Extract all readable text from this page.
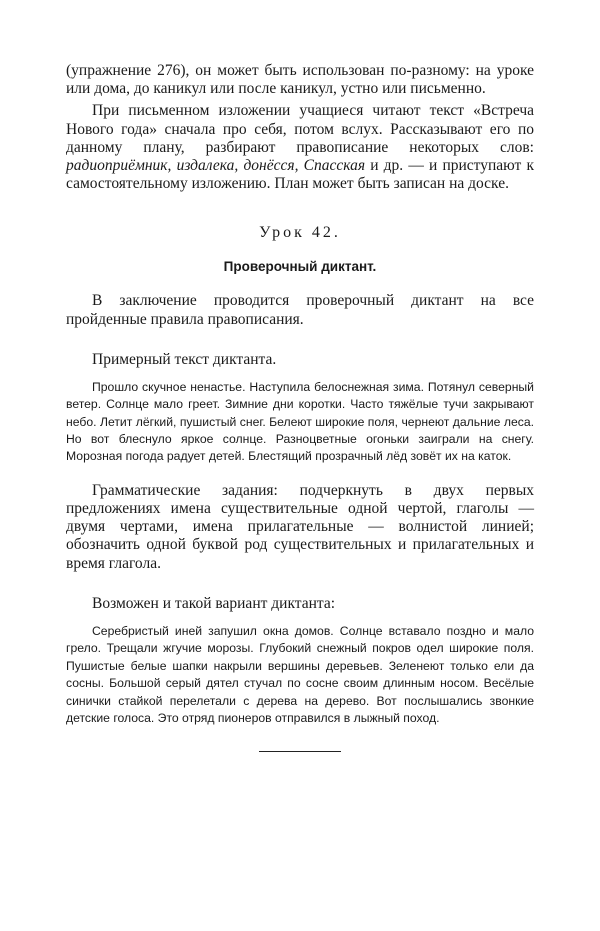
(упражнение 276), он может быть использован по-разному: на уроке или дома, до каникул или после каникул, устно или письменно.

При письменном изложении учащиеся читают текст «Встреча Нового года» сначала про себя, потом вслух. Рассказывают его по данному плану, разбирают правописание некоторых слов: радиоприёмник, издалека, донёсся, Спасская и др. — и приступают к самостоятельному изложению. План может быть записан на доске.

Урок 42.
Проверочный диктант.

В заключение проводится проверочный диктант на все пройденные правила правописания.

Примерный текст диктанта.

Прошло скучное ненастье. Наступила белоснежная зима. Потянул северный ветер. Солнце мало греет. Зимние дни коротки. Часто тяжёлые тучи закрывают небо. Летит лёгкий, пушистый снег. Белеют широкие поля, чернеют дальние леса. Но вот блеснуло яркое солнце. Разноцветные огоньки заиграли на снегу. Морозная погода радует детей. Блестящий прозрачный лёд зовёт их на каток.

Грамматические задания: подчеркнуть в двух первых предложениях имена существительные одной чертой, глаголы — двумя чертами, имена прилагательные — волнистой линией; обозначить одной буквой род существительных и прилагательных и время глагола.

Возможен и такой вариант диктанта:

Серебристый иней запушил окна домов. Солнце вставало поздно и мало грело. Трещали жгучие морозы. Глубокий снежный покров одел широкие поля. Пушистые белые шапки накрыли вершины деревьев. Зеленеют только ели да сосны. Большой серый дятел стучал по сосне своим длинным носом. Весёлые синички стайкой перелетали с дерева на дерево. Вот послышались звонкие детские голоса. Это отряд пионеров отправился в лыжный поход.
